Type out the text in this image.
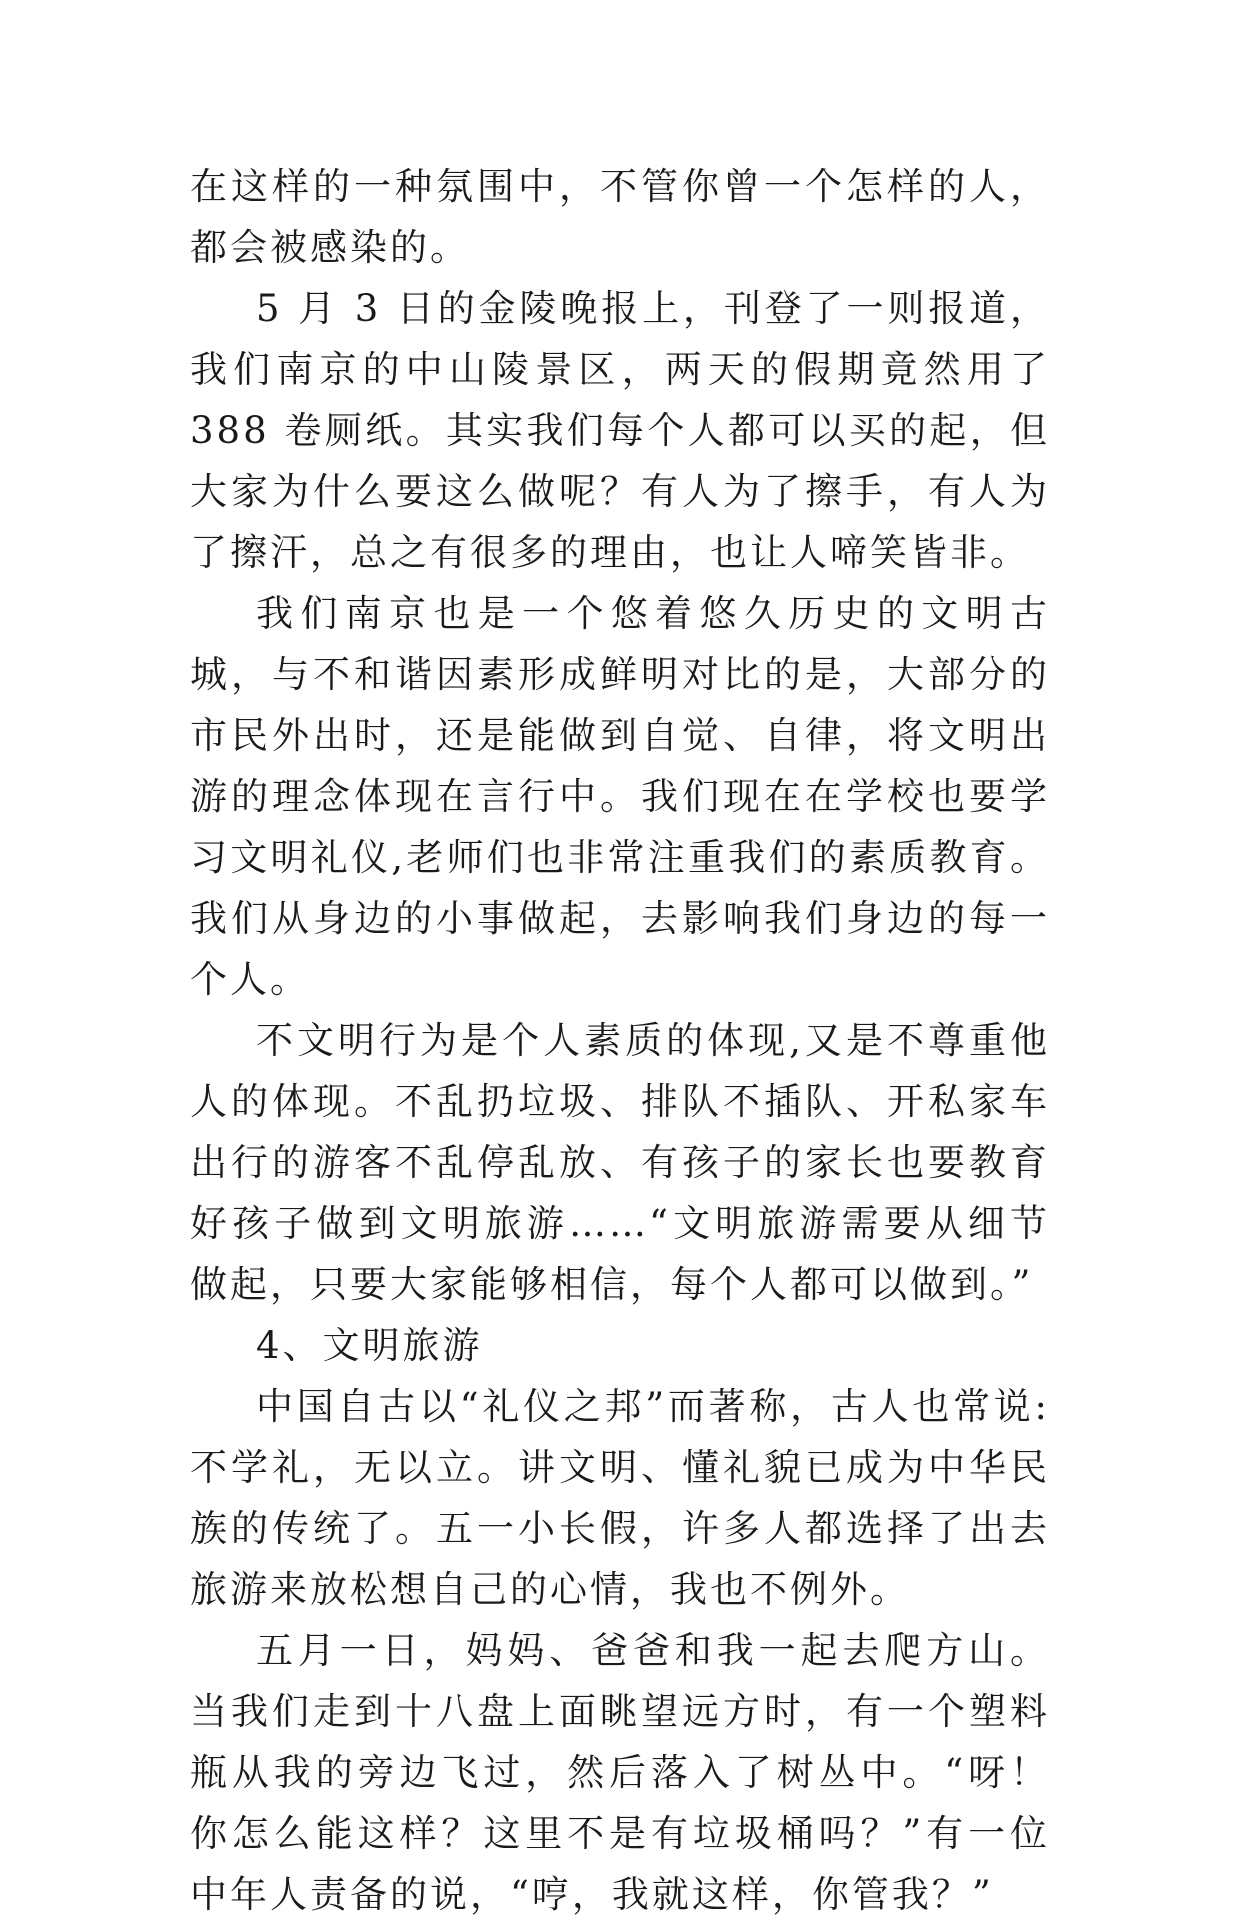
在这样的一种氛围中，不管你曾一个怎样的人，都会被感染的。

5 月 3 日的金陵晚报上，刊登了一则报道，我们南京的中山陵景区，两天的假期竟然用了 388 卷厕纸。其实我们每个人都可以买的起，但大家为什么要这么做呢？有人为了擦手，有人为了擦汗，总之有很多的理由，也让人啼笑皆非。

我们南京也是一个悠着悠久历史的文明古城，与不和谐因素形成鲜明对比的是，大部分的市民外出时，还是能做到自觉、自律，将文明出游的理念体现在言行中。我们现在在学校也要学习文明礼仪,老师们也非常注重我们的素质教育。我们从身边的小事做起，去影响我们身边的每一个人。

不文明行为是个人素质的体现,又是不尊重他人的体现。不乱扔垃圾、排队不插队、开私家车出行的游客不乱停乱放、有孩子的家长也要教育好孩子做到文明旅游……“文明旅游需要从细节做起，只要大家能够相信，每个人都可以做到。”

4、文明旅游

中国自古以“礼仪之邦”而著称，古人也常说:不学礼，无以立。讲文明、懂礼貌已成为中华民族的传统了。五一小长假，许多人都选择了出去旅游来放松想自己的心情，我也不例外。

五月一日，妈妈、爸爸和我一起去爬方山。当我们走到十八盘上面眺望远方时，有一个塑料瓶从我的旁边飞过，然后落入了树丛中。“呀！你怎么能这样？这里不是有垃圾桶吗？”有一位中年人责备的说，“哼，我就这样，你管我？”
